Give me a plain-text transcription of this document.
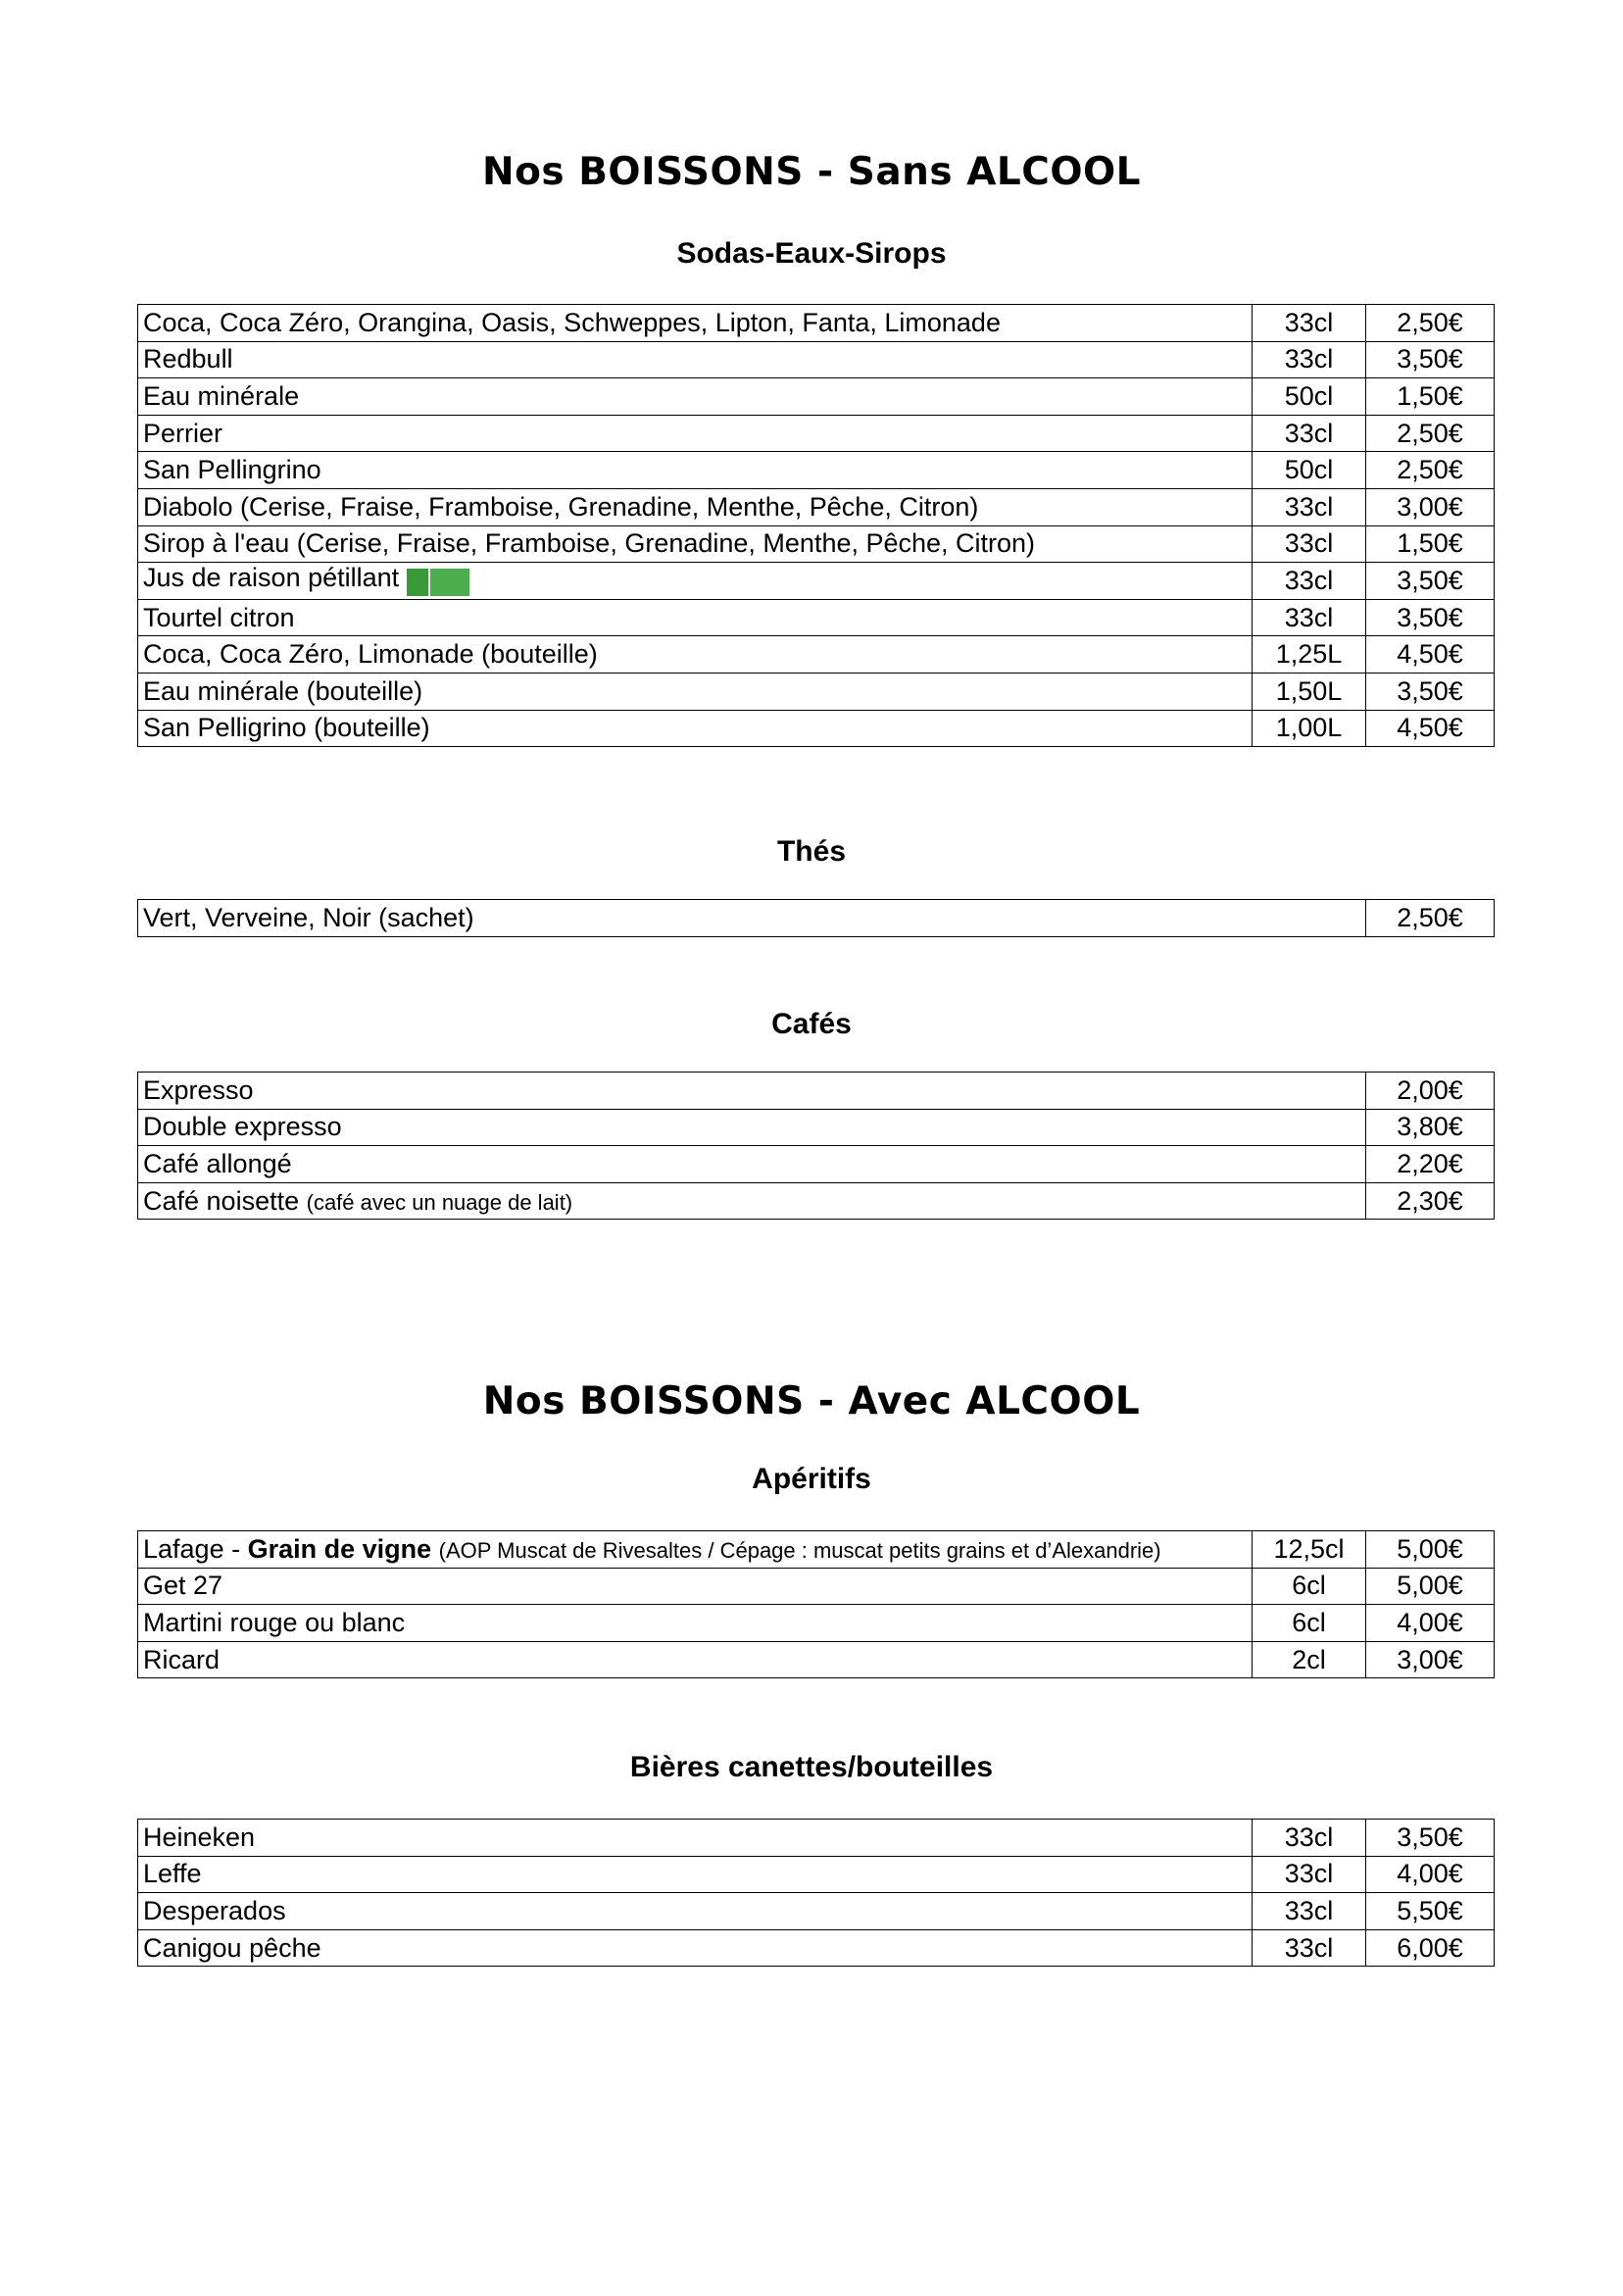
Nos BOISSONS - Sans ALCOOL
Sodas-Eaux-Sirops
Coca, Coca Zéro, Orangina, Oasis, Schweppes, Lipton, Fanta, Limonade	33cl	2,50€
Redbull	33cl	3,50€
Eau minérale	50cl	1,50€
Perrier	33cl	2,50€
San Pellingrino	50cl	2,50€
Diabolo (Cerise, Fraise, Framboise, Grenadine, Menthe, Pêche, Citron)	33cl	3,00€
Sirop à l'eau (Cerise, Fraise, Framboise, Grenadine, Menthe, Pêche, Citron)	33cl	1,50€
Jus de raison pétillant	33cl	3,50€
Tourtel citron	33cl	3,50€
Coca, Coca Zéro, Limonade (bouteille)	1,25L	4,50€
Eau minérale (bouteille)	1,50L	3,50€
San Pelligrino (bouteille)	1,00L	4,50€
Thés
Vert, Verveine, Noir (sachet)	2,50€
Cafés
Expresso	2,00€
Double expresso	3,80€
Café allongé	2,20€
Café noisette (café avec un nuage de lait)	2,30€
Nos BOISSONS - Avec ALCOOL
Apéritifs
Lafage - Grain de vigne (AOP Muscat de Rivesaltes / Cépage : muscat petits grains et d’Alexandrie)	12,5cl	5,00€
Get 27	6cl	5,00€
Martini rouge ou blanc	6cl	4,00€
Ricard	2cl	3,00€
Bières canettes/bouteilles
Heineken	33cl	3,50€
Leffe	33cl	4,00€
Desperados	33cl	5,50€
Canigou pêche	33cl	6,00€
